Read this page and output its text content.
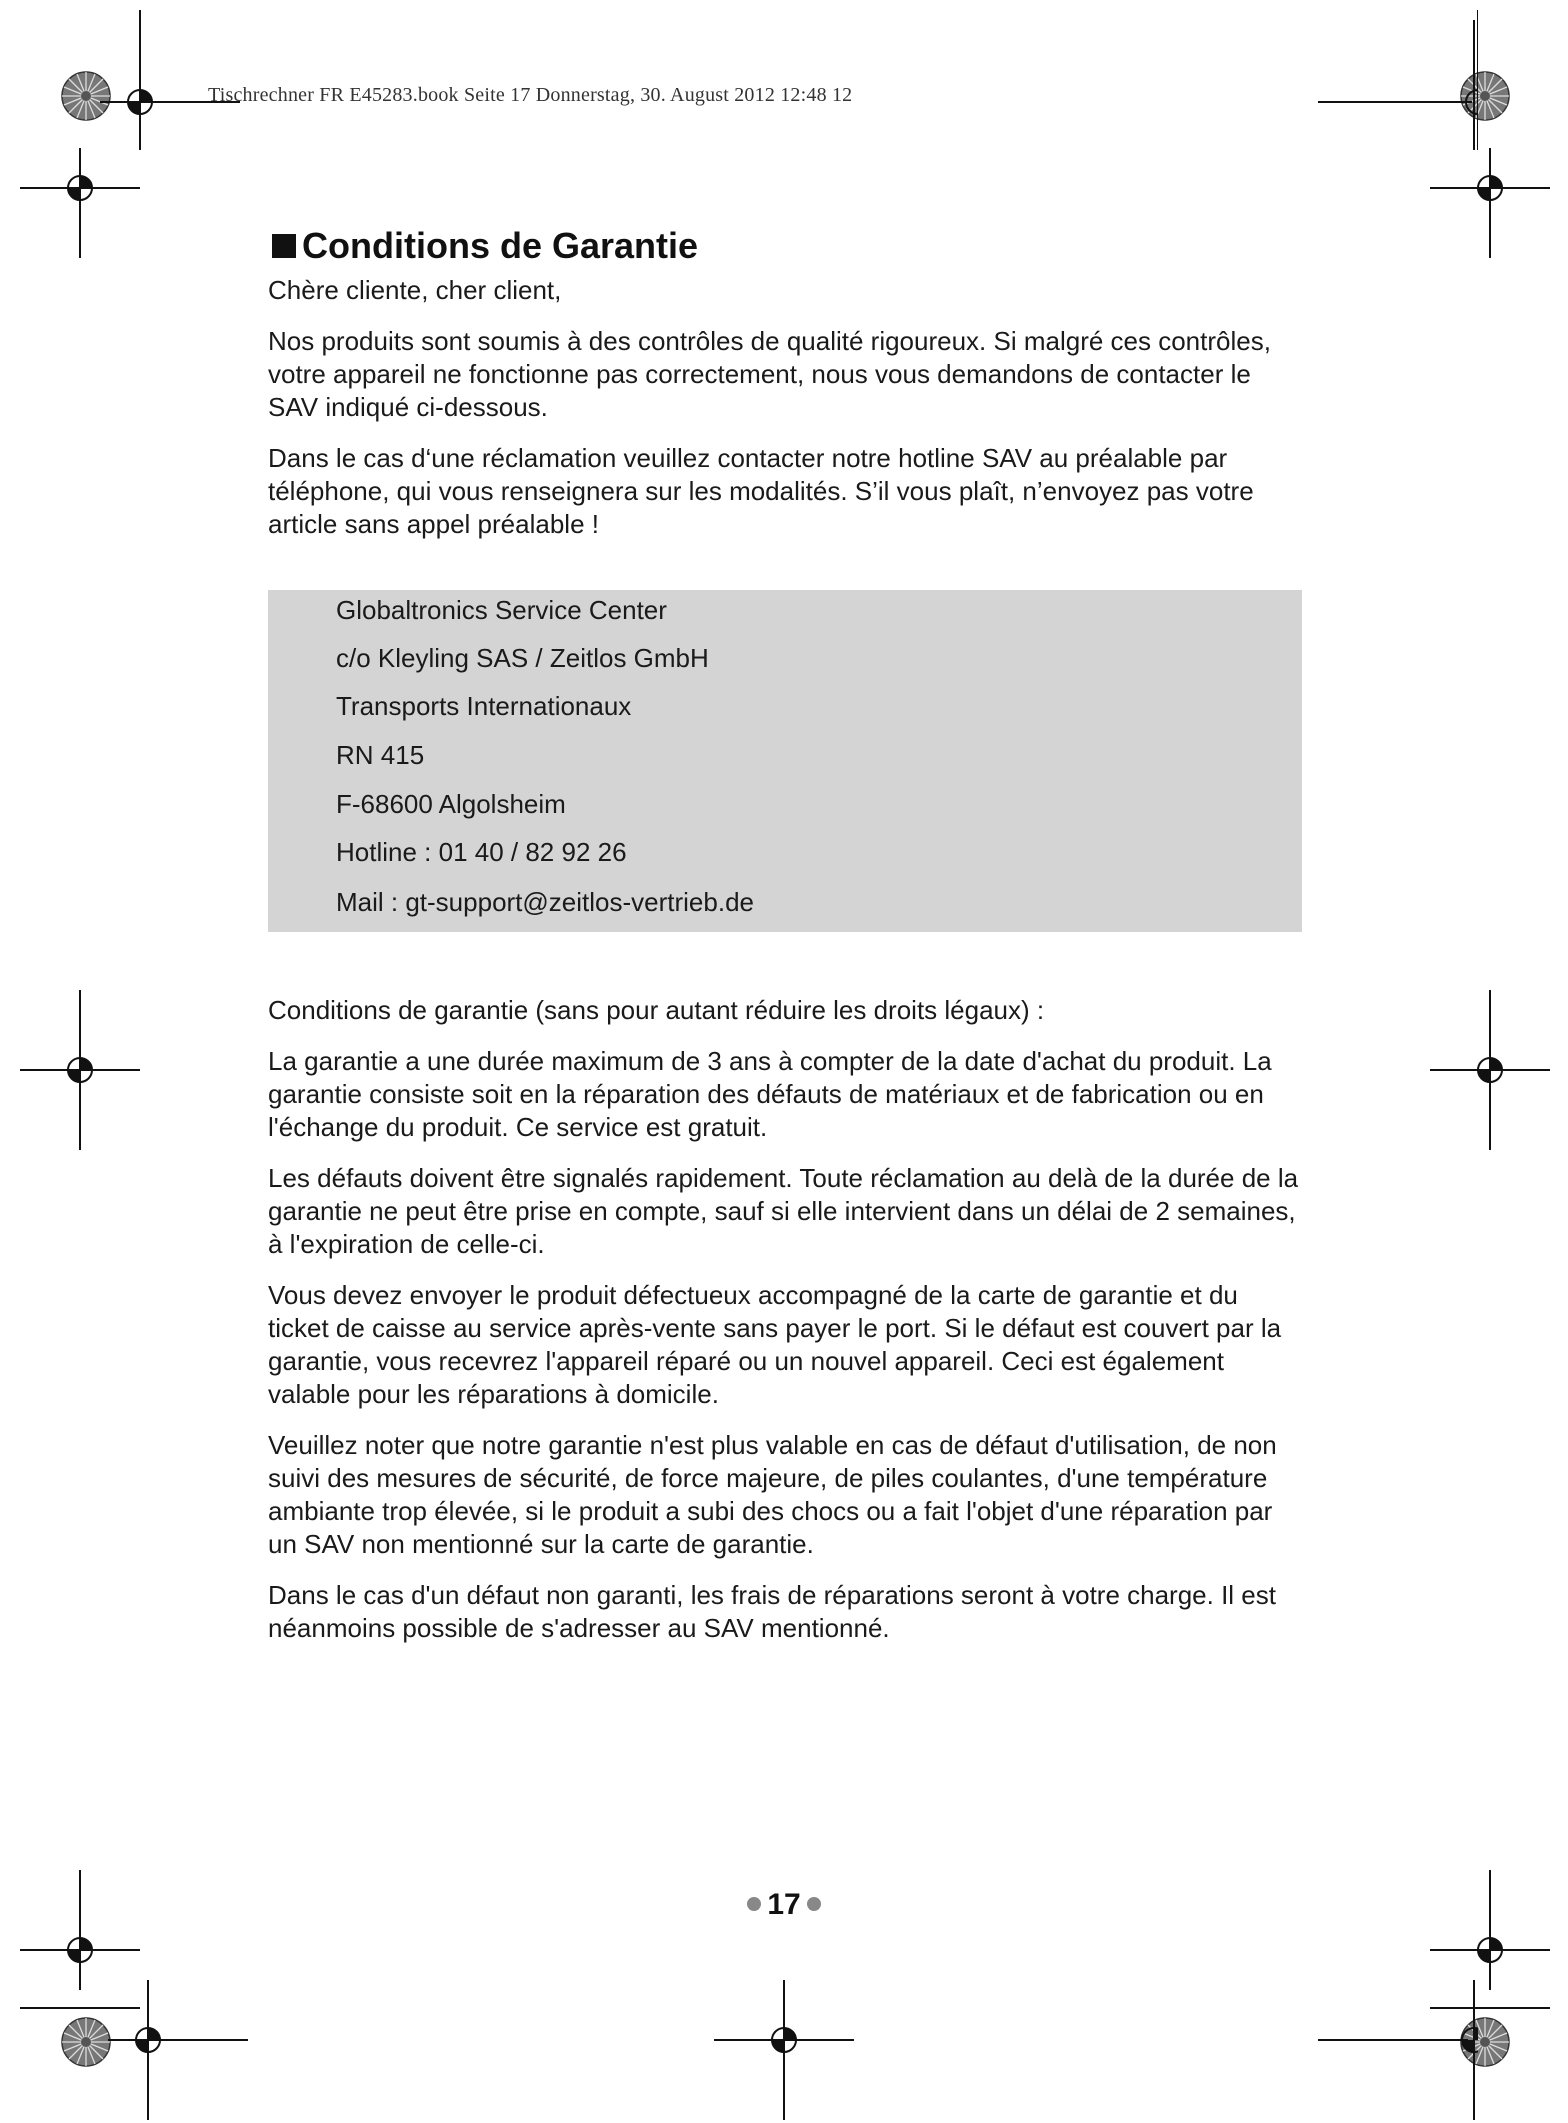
Tischrechner FR E45283.book Seite 17 Donnerstag, 30. August 2012 12:48 12
Conditions de Garantie

Chère cliente, cher client,

Nos produits sont soumis à des contrôles de qualité rigoureux. Si malgré ces contrôles, votre appareil ne fonctionne pas correctement, nous vous demandons de contacter le SAV indiqué ci-dessous.

Dans le cas d‘une réclamation veuillez contacter notre hotline SAV au préalable par téléphone, qui vous renseignera sur les modalités. S’il vous plaît, n’envoyez pas votre article sans appel préalable !

Globaltronics Service Center
c/o Kleyling SAS / Zeitlos GmbH
Transports Internationaux
RN 415
F-68600 Algolsheim
Hotline : 01 40 / 82 92 26
Mail : gt-support@zeitlos-vertrieb.de

Conditions de garantie (sans pour autant réduire les droits légaux) :

La garantie a une durée maximum de 3 ans à compter de la date d'achat du produit. La garantie consiste soit en la réparation des défauts de matériaux et de fabrication ou en l'échange du produit. Ce service est gratuit.

Les défauts doivent être signalés rapidement. Toute réclamation au delà de la durée de la garantie ne peut être prise en compte, sauf si elle intervient dans un délai de 2 semaines, à l'expiration de celle-ci.

Vous devez envoyer le produit défectueux accompagné de la carte de garantie et du ticket de caisse au service après-vente sans payer le port. Si le défaut est couvert par la garantie, vous recevrez l'appareil réparé ou un nouvel appareil. Ceci est également valable pour les réparations à domicile.

Veuillez noter que notre garantie n'est plus valable en cas de défaut d'utilisation, de non suivi des mesures de sécurité, de force majeure, de piles coulantes, d'une température ambiante trop élevée, si le produit a subi des chocs ou a fait l'objet d'une réparation par un SAV non mentionné sur la carte de garantie.

Dans le cas d'un défaut non garanti, les frais de réparations seront à votre charge. Il est néanmoins possible de s'adresser au SAV mentionné.

17
